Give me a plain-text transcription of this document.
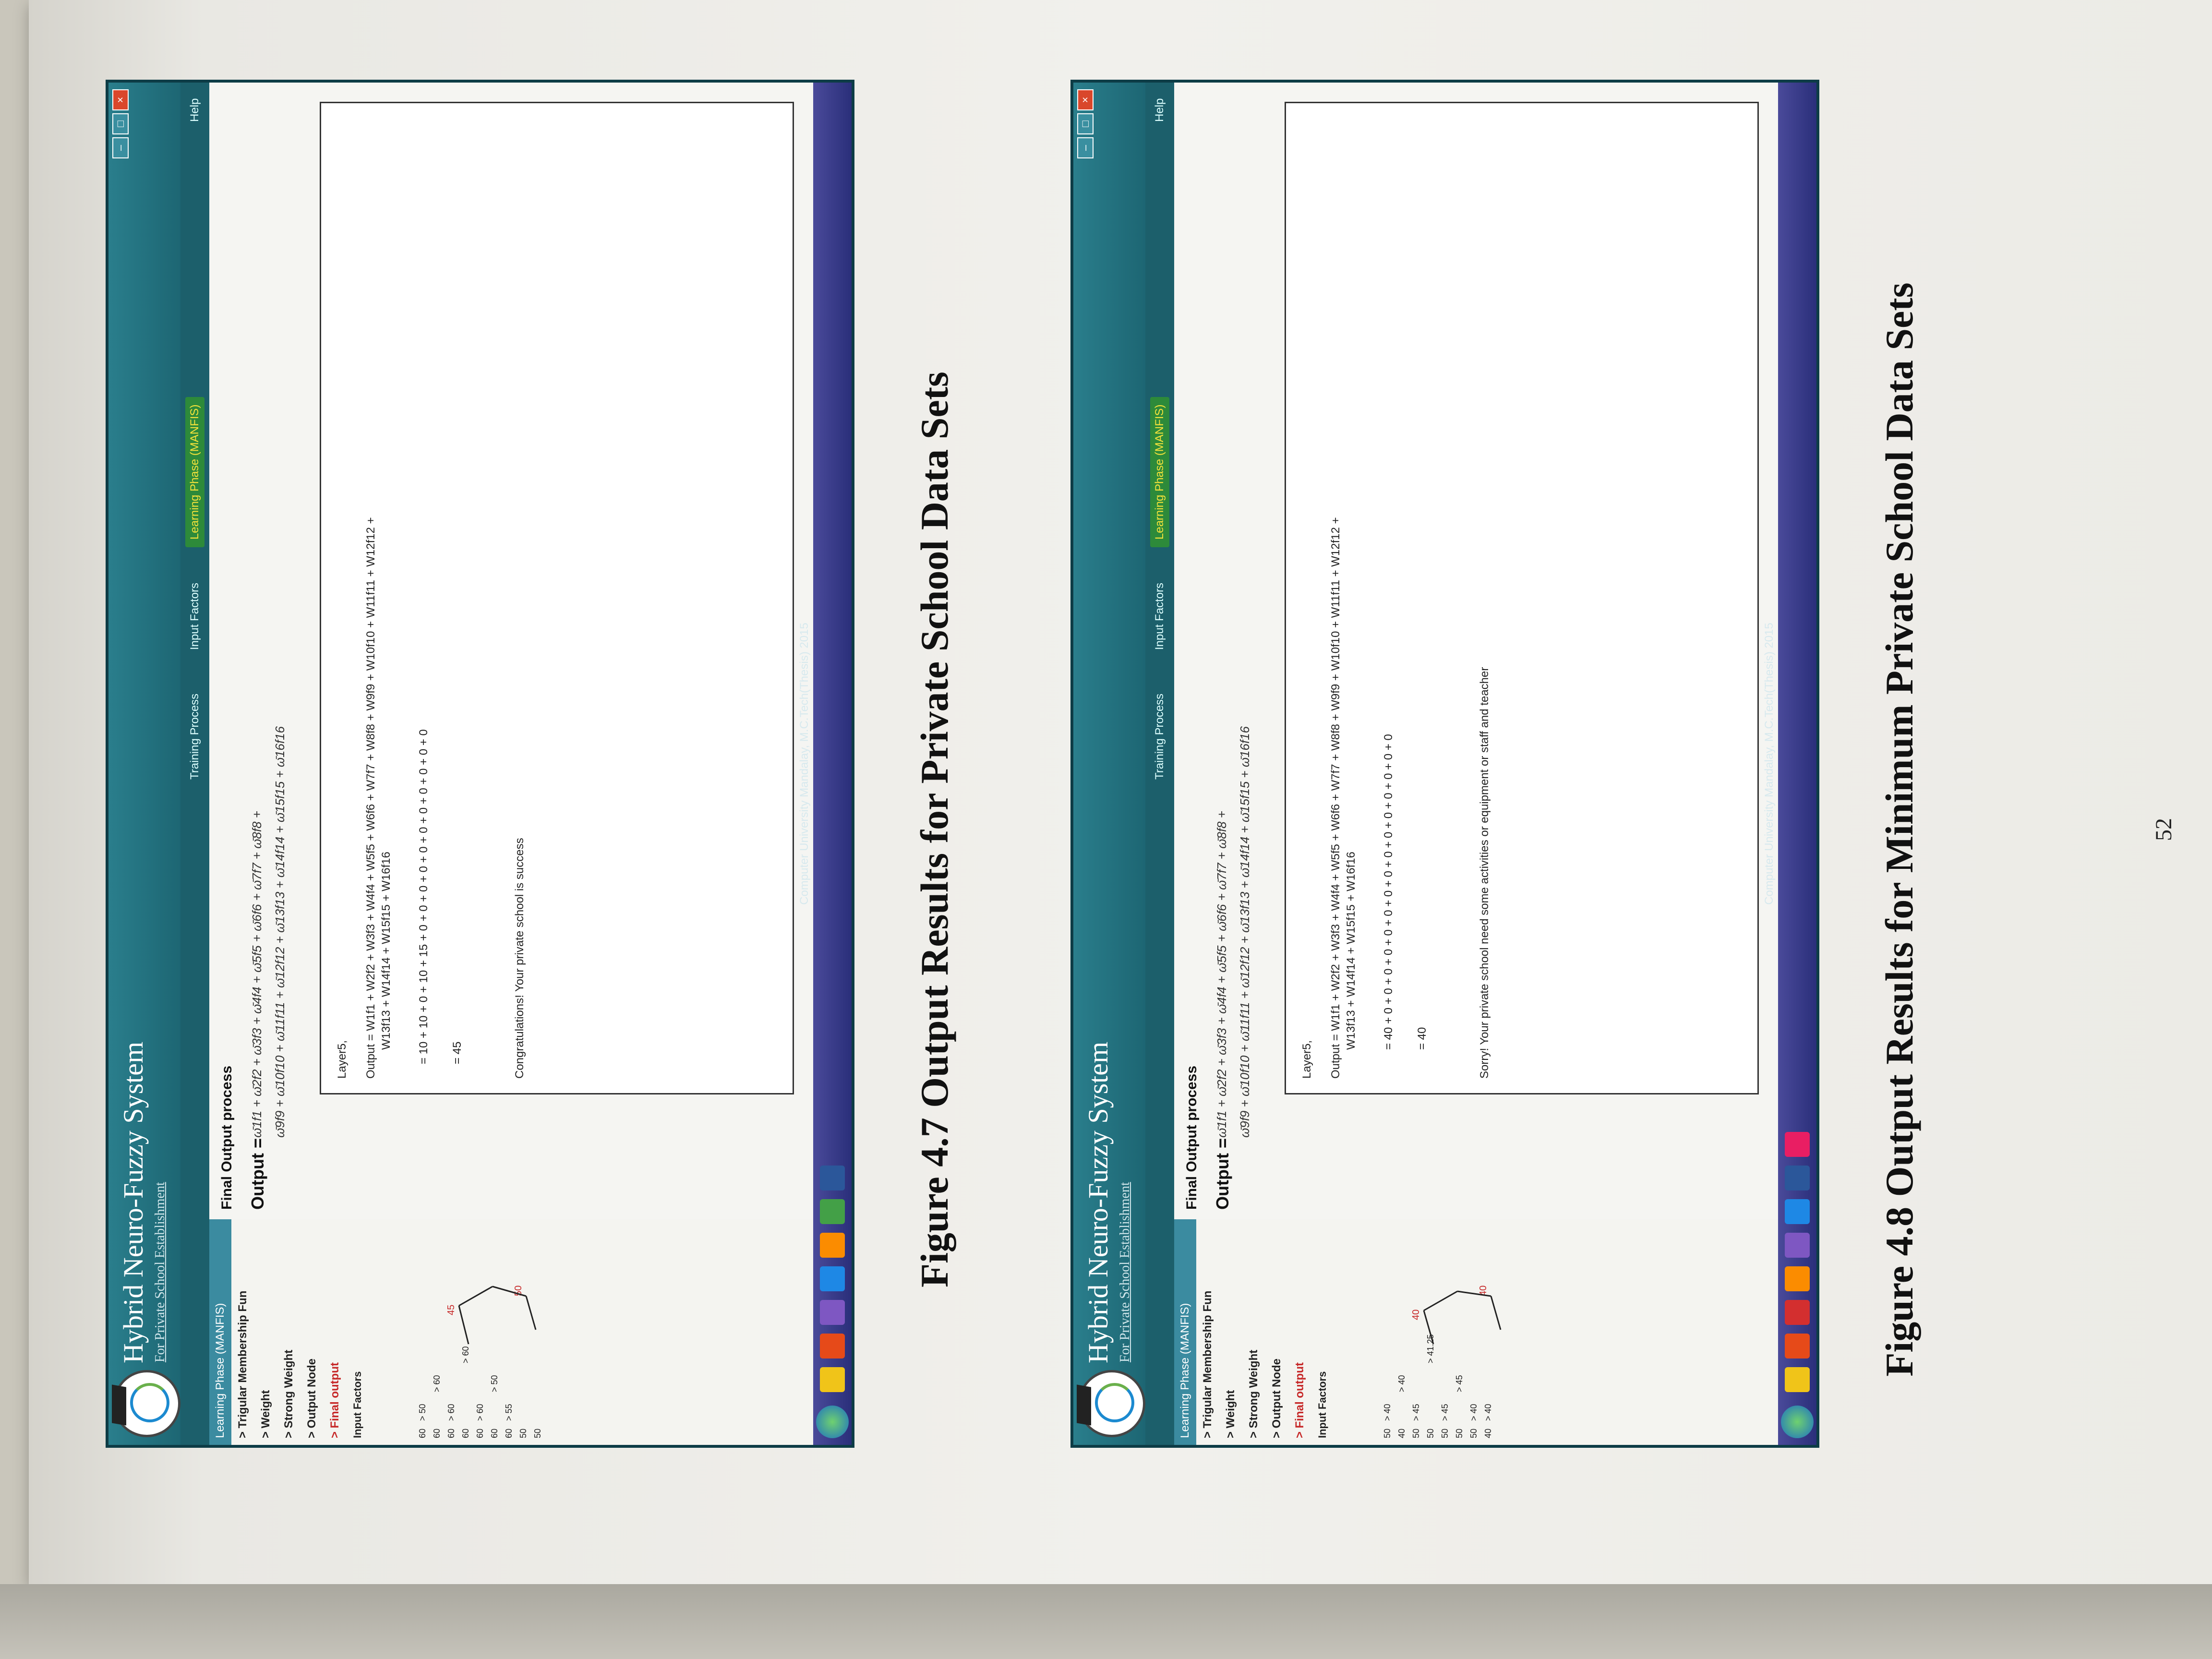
Hybrid Neuro-Fuzzy System For Private School Establishment
–
□
×
Training Process
Input Factors
Learning Phase (MANFIS)
Help
Learning Phase (MANFIS) > Trigular Membership Fun > Weight > Strong Weight > Output Node > Final output Input Factors	60
> 50
60
> 60
60
> 60
60
> 60
60
> 60
60
> 50
60
> 55
50 50
45
50
Final Output process Output =
ω̄1f1 + ω̄2f2 + ω̄3f3 + ω̄4f4 + ω̄5f5 + ω̄6f6 + ω̄7f7 + ω̄8f8 + ω̄9f9 + ω̄10f10 + ω̄11f11 + ω̄12f12 + ω̄13f13 + ω̄14f14 + ω̄15f15 + ω̄16f16	Layer5, Output = W1f1 + W2f2 + W3f3 + W4f4 + W5f5 + W6f6 + W7f7 + W8f8 + W9f9 + W10f10 + W11f11 + W12f12 + W13f13 + W14f14 + W15f15 + W16f16 = 10 + 10 + 0 + 10 + 15 + 0 + 0 + 0 + 0 + 0 + 0 + 0 + 0 + 0 + 0 + 0 = 45	Congratulations! Your private school is success
Computer University Mandalay, M.C.Tech(Thesis) 2015	Figure 4.7 Output Results for Private School Data Sets	Hybrid Neuro-Fuzzy System For Private School Establishment
–
□
×
Training Process
Input Factors
Learning Phase (MANFIS)
Help
Learning Phase (MANFIS) > Trigular Membership Fun > Weight > Strong Weight > Output Node > Final output Input Factors	50
> 40
40
> 40
50
> 45
50
> 41.25
50
> 45
50
> 45
50
> 40
40
> 40
40
40
Final Output process Output =
ω̄1f1 + ω̄2f2 + ω̄3f3 + ω̄4f4 + ω̄5f5 + ω̄6f6 + ω̄7f7 + ω̄8f8 + ω̄9f9 + ω̄10f10 + ω̄11f11 + ω̄12f12 + ω̄13f13 + ω̄14f14 + ω̄15f15 + ω̄16f16	Layer5, Output = W1f1 + W2f2 + W3f3 + W4f4 + W5f5 + W6f6 + W7f7 + W8f8 + W9f9 + W10f10 + W11f11 + W12f12 + W13f13 + W14f14 + W15f15 + W16f16 = 40 + 0 + 0 + 0 + 0 + 0 + 0 + 0 + 0 + 0 + 0 + 0 + 0 + 0 + 0 + 0 = 40	Sorry! Your private school need some activities or equipment or staff and teacher	Computer University Mandalay, M.C.Tech(Thesis) 2015	Figure 4.8 Output Results for Minimum Private School Data Sets	52
